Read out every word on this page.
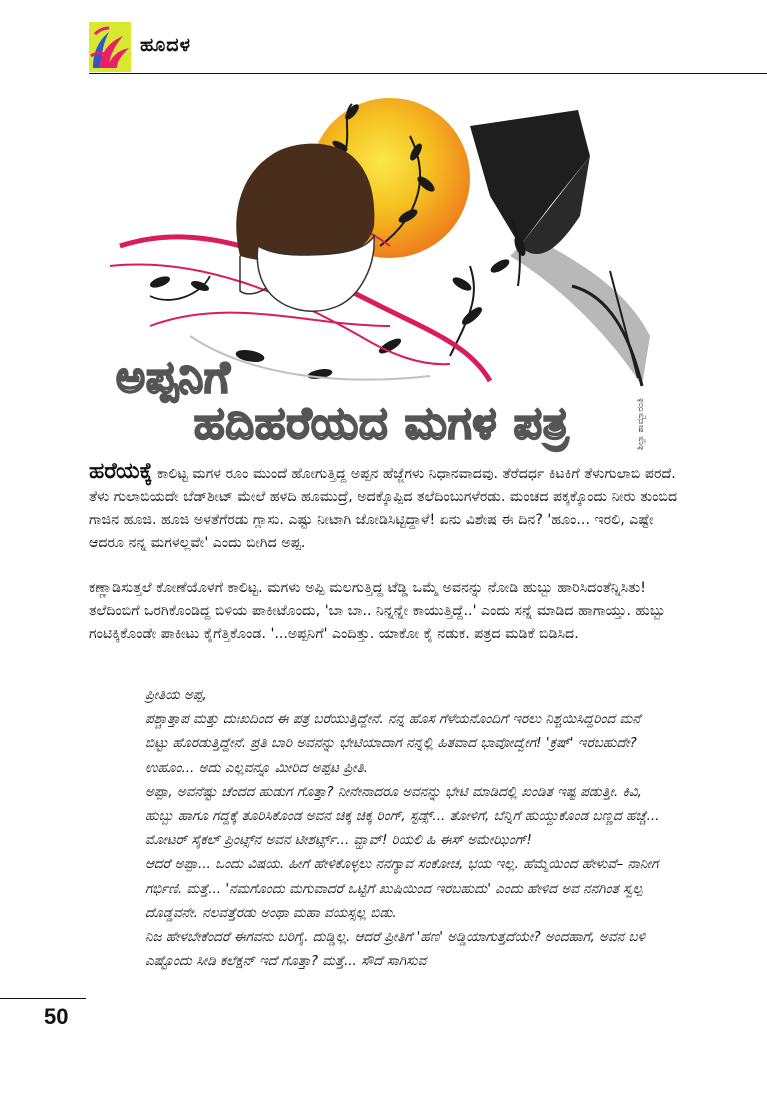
ಹೂದಳ
ಶಿಲ್ಪಾ ಶಾಮ್ಬಾರಂತಿ
ಅಪ್ಪನಿಗೆ
ಹದಿಹರೆಯದ ಮಗಳ ಪತ್ರ

ಹರೆಯಕ್ಕೆ ಕಾಲಿಟ್ಟ ಮಗಳ ರೂಂ ಮುಂದೆ ಹೋಗುತ್ತಿದ್ದ ಅಪ್ಪನ ಹೆಜ್ಜೆಗಳು ನಿಧಾನವಾದವು. ತೆರೆದರ್ಧ ಕಿಟಕಿಗೆ ತೆಳುಗುಲಾಬಿ ಪರದೆ. ತೆಳು ಗುಲಾಬಿಯದೇ ಬೆಡ್‌ಶೀಟ್ ಮೇಲೆ ಹಳದಿ ಹೂಮುದ್ರೆ, ಅದಕ್ಕೊಪ್ಪಿದ ತಲೆದಿಂಬುಗಳೆರಡು. ಮಂಚದ ಪಕ್ಕಕ್ಕೊಂದು ನೀರು ತುಂಬಿದ ಗಾಜಿನ ಹೂಜಿ. ಹೂಜಿ ಅಳತೆಗೆರಡು ಗ್ಲಾಸು. ಎಷ್ಟು ನೀಟಾಗಿ ಜೋಡಿಸಿಟ್ಟಿದ್ದಾಳೆ! ಏನು ವಿಶೇಷ ಈ ದಿನ? 'ಹೂಂ... ಇರಲಿ, ಎಷ್ಟೇ ಆದರೂ ನನ್ನ ಮಗಳಲ್ಲವೇ' ಎಂದು ಬೀಗಿದ ಅಪ್ಪ.

ಕಣ್ಣಾಡಿಸುತ್ತಲೆ ಕೋಣೆಯೊಳಗೆ ಕಾಲಿಟ್ಟ. ಮಗಳು ಅಪ್ಪಿ ಮಲಗುತ್ತಿದ್ದ ಟೆಡ್ಡಿ ಒಮ್ಮೆ ಅವನನ್ನು ನೋಡಿ ಹುಬ್ಬು ಹಾರಿಸಿದಂತೆನ್ನಿಸಿತು! ತಲೆದಿಂಬಿಗೆ ಒರಗಿಕೊಂಡಿದ್ದ ಬಿಳಿಯ ಪಾಕೀಟೊಂದು, 'ಬಾ ಬಾ.. ನಿನ್ನನ್ನೇ ಕಾಯುತ್ತಿದ್ದೆ..' ಎಂದು ಸನ್ನೆ ಮಾಡಿದ ಹಾಗಾಯ್ತು. ಹುಬ್ಬು ಗಂಟಿಕ್ಕಿಕೊಂಡೇ ಪಾಕೀಟು ಕೈಗೆತ್ತಿಕೊಂಡ. '...ಅಪ್ಪನಿಗೆ' ಎಂದಿತ್ತು. ಯಾಕೋ ಕೈ ನಡುಕ. ಪತ್ರದ ಮಡಿಕೆ ಬಿಡಿಸಿದ.

ಪ್ರೀತಿಯ ಅಪ್ಪ,

ಪಶ್ಚಾತ್ತಾಪ ಮತ್ತು ದುಃಖದಿಂದ ಈ ಪತ್ರ ಬರೆಯುತ್ತಿದ್ದೇನೆ. ನನ್ನ ಹೊಸ ಗೆಳೆಯನೊಂದಿಗೆ ಇರಲು ನಿಶ್ಚಯಿಸಿದ್ದರಿಂದ ಮನೆ ಬಿಟ್ಟು ಹೊರಡುತ್ತಿದ್ದೇನೆ. ಪ್ರತಿ ಬಾರಿ ಅವನನ್ನು ಭೇಟಿಯಾದಾಗ ನನ್ನಲ್ಲಿ ಹಿತವಾದ ಭಾವೋದ್ವೇಗ! 'ಕ್ರಷ್' ಇರಬಹುದೇ? ಉಹೂಂ... ಅದು ಎಲ್ಲವನ್ನೂ ಮೀರಿದ ಅಪ್ಪಟ ಪ್ರೀತಿ.

ಅಪ್ಪಾ, ಅವನೆಷ್ಟು ಚೆಂದದ ಹುಡುಗ ಗೊತ್ತಾ? ನೀನೇನಾದರೂ ಅವನನ್ನು ಭೇಟಿ ಮಾಡಿದಲ್ಲಿ ಖಂಡಿತ ಇಷ್ಟ ಪಡುತ್ತೀ. ಕಿವಿ, ಹುಬ್ಬು ಹಾಗೂ ಗದ್ದಕ್ಕೆ ತೂರಿಸಿಕೊಂಡ ಅವನ ಚಿಕ್ಕ ಚಿಕ್ಕ ರಿಂಗ್, ಸ್ಟಡ್ಸ್... ತೋಳಿಗೆ, ಬೆನ್ನಿಗೆ ಹುಯ್ದುಕೊಂಡ ಬಣ್ಣದ ಹಚ್ಚೆ... ಮೋಟರ್ ಸೈಕಲ್ ಪ್ರಿಂಟ್ಸ್‌ನ ಅವನ ಟೀಶರ್ಟ್ಸ್... ವ್ಹಾವ್! ರಿಯಲಿ ಹಿ ಈಸ್ ಅಮೇಝಿಂಗ್!

ಆದರೆ ಅಪ್ಪಾ... ಒಂದು ವಿಷಯ. ಹೀಗೆ ಹೇಳಿಕೊಳ್ಳಲು ನನಗ್ಯಾವ ಸಂಕೋಚ, ಭಯ ಇಲ್ಲ. ಹೆಮ್ಮೆಯಿಂದ ಹೇಳುವೆ– ನಾನೀಗ ಗರ್ಭಿಣಿ. ಮತ್ತೆ... 'ನಮಗೊಂದು ಮಗುವಾದರೆ ಒಟ್ಟಿಗೆ ಖುಷಿಯಿಂದ ಇರಬಹುದು' ಎಂದು ಹೇಳಿದ ಅವ ನನಗಿಂತ ಸ್ವಲ್ಪ ದೊಡ್ಡವನೇ. ನಲವತ್ತೆರಡು ಅಂಥಾ ಮಹಾ ವಯಸ್ಸಲ್ಲ ಬಿಡು.

ನಿಜ ಹೇಳಬೇಕೆಂದರೆ ಈಗವನು ಬರಿಗೈ. ದುಡ್ಡಿಲ್ಲ. ಆದರೆ ಪ್ರೀತಿಗೆ 'ಹಣ' ಅಡ್ಡಿಯಾಗುತ್ತದೆಯೇ? ಅಂದಹಾಗೆ, ಅವನ ಬಳಿ ಎಷ್ಟೊಂದು ಸೀಡಿ ಕಲೆಕ್ಷನ್ ಇದೆ ಗೊತ್ತಾ? ಮತ್ತೆ... ಸೌದೆ ಸಾಗಿಸುವ

50
